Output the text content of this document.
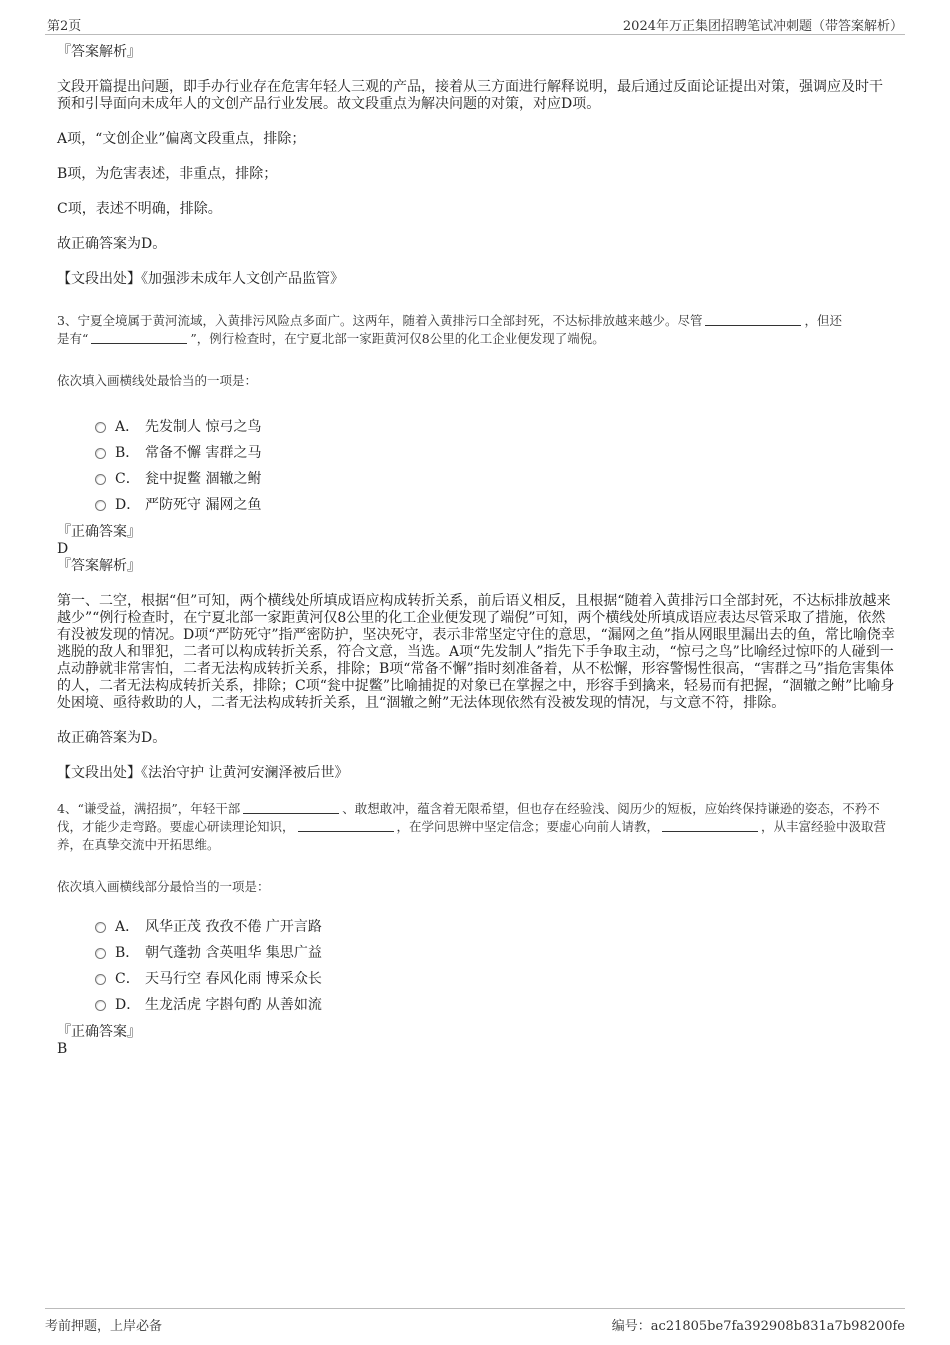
第2页	2024年万正集团招聘笔试冲刺题（带答案解析）

『答案解析』

文段开篇提出问题，即手办行业存在危害年轻人三观的产品，接着从三方面进行解释说明，最后通过反面论证提出对策，强调应及时干预和引导面向未成年人的文创产品行业发展。故文段重点为解决问题的对策，对应D项。

A项，“文创企业”偏离文段重点，排除；

B项，为危害表述，非重点，排除；

C项，表述不明确，排除。

故正确答案为D。

【文段出处】《加强涉未成年人文创产品监管》

3、宁夏全境属于黄河流域，入黄排污风险点多面广。这两年，随着入黄排污口全部封死，不达标排放越来越少。尽管	，但还
是有“	”，例行检查时，在宁夏北部一家距黄河仅8公里的化工企业便发现了端倪。

依次填入画横线处最恰当的一项是：

A． 先发制人 惊弓之鸟
B． 常备不懈 害群之马
C． 瓮中捉鳖 涸辙之鲋
D． 严防死守 漏网之鱼

『正确答案』

D

『答案解析』

第一、二空，根据“但”可知，两个横线处所填成语应构成转折关系，前后语义相反，且根据“随着入黄排污口全部封死，不达标排放越来越少”“例行检查时，在宁夏北部一家距黄河仅8公里的化工企业便发现了端倪”可知，两个横线处所填成语应表达尽管采取了措施，依然有没被发现的情况。D项“严防死守”指严密防护，坚决死守，表示非常坚定守住的意思，“漏网之鱼”指从网眼里漏出去的鱼，常比喻侥幸逃脱的敌人和罪犯，二者可以构成转折关系，符合文意，当选。A项“先发制人”指先下手争取主动，“惊弓之鸟”比喻经过惊吓的人碰到一点动静就非常害怕，二者无法构成转折关系，排除；B项“常备不懈”指时刻准备着，从不松懈，形容警惕性很高，“害群之马”指危害集体的人，二者无法构成转折关系，排除；C项“瓮中捉鳖”比喻捕捉的对象已在掌握之中，形容手到擒来，轻易而有把握，“涸辙之鲋”比喻身处困境、亟待救助的人，二者无法构成转折关系，且“涸辙之鲋”无法体现依然有没被发现的情况，与文意不符，排除。

故正确答案为D。

【文段出处】《法治守护 让黄河安澜泽被后世》

4、“谦受益，满招损”，年轻干部	、敢想敢冲，蕴含着无限希望，但也存在经验浅、阅历少的短板，应始终保持谦逊的姿态，不矜不伐，才能少走弯路。要虚心研读理论知识，	，在学问思辨中坚定信念；要虚心向前人请教，	，从丰富经验中汲取营养，在真挚交流中开拓思维。

依次填入画横线部分最恰当的一项是：

A． 风华正茂 孜孜不倦 广开言路
B． 朝气蓬勃 含英咀华 集思广益
C． 天马行空 春风化雨 博采众长
D． 生龙活虎 字斟句酌 从善如流

『正确答案』

B

考前押题，上岸必备	编号：ac21805be7fa392908b831a7b98200fe
